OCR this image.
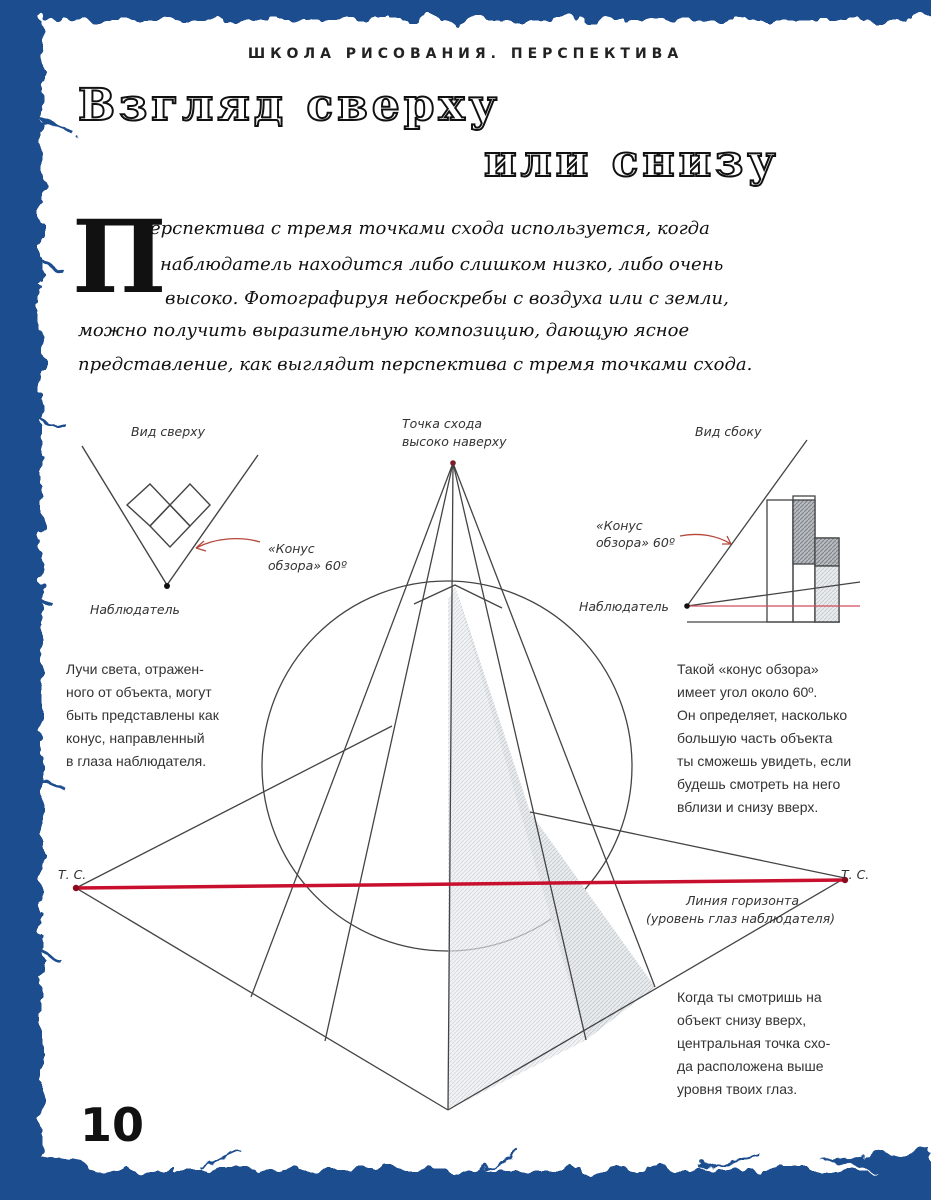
ШКОЛА РИСОВАНИЯ. ПЕРСПЕКТИВА
Взгляд сверху
или снизу
П
ерспектива с тремя точками схода используется, когда
наблюдатель находится либо слишком низко, либо очень
высоко. Фотографируя небоскребы с воздуха или с земли,
можно получить выразительную композицию, дающую ясное
представление, как выглядит перспектива с тремя точками схода.
Вид сверху
«Конус
обзора» 60º
Наблюдатель
Точка схода
высоко наверху
Вид сбоку
«Конус
обзора» 60º
Наблюдатель
Т. С.	Т. С.
Линия горизонта
(уровень глаз наблюдателя)
Лучи света, отражен-
ного от объекта, могут
быть представлены как
конус, направленный
в глаза наблюдателя.
Такой «конус обзора»
имеет угол около 60º.
Он определяет, насколько
большую часть объекта
ты сможешь увидеть, если
будешь смотреть на него
вблизи и снизу вверх.
Когда ты смотришь на
объект снизу вверх,
центральная точка схо-
да расположена выше
уровня твоих глаз.
10
